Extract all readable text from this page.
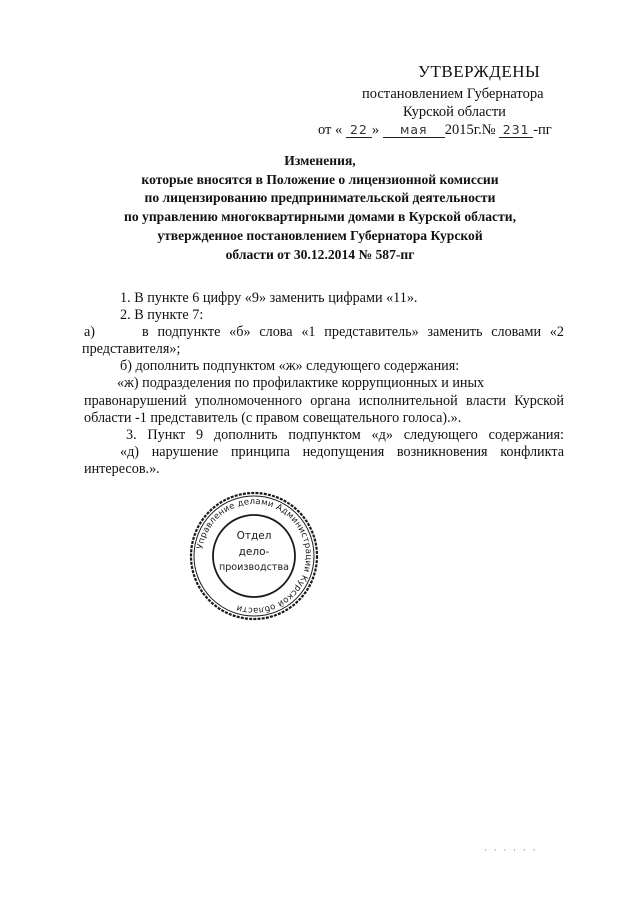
УТВЕРЖДЕНЫ
постановлением Губернатора
Курской области
от « 22 » мая 2015г.№ 231 -пг
Изменения,
которые вносятся в Положение о лицензионной комиссии
по лицензированию предпринимательской деятельности
по управлению многоквартирными домами в Курской области,
утвержденное постановлением Губернатора Курской
области от 30.12.2014 № 587-пг
1. В пункте 6 цифру «9» заменить цифрами «11».
2. В пункте 7:
а)	в подпункте «б» слова «1 представитель» заменить словами «2
представителя»;
б) дополнить подпунктом «ж» следующего содержания:
«ж) подразделения по профилактике коррупционных и иных
правонарушений уполномоченного органа исполнительной власти Курской
области -1 представитель (с правом совещательного голоса).».
3. Пункт 9 дополнить подпунктом «д» следующего содержания:
«д) нарушение принципа недопущения возникновения конфликта
интересов.».
Управление делами Администрации Курской области
Отдел
дело-
производства
· · · · · ·
